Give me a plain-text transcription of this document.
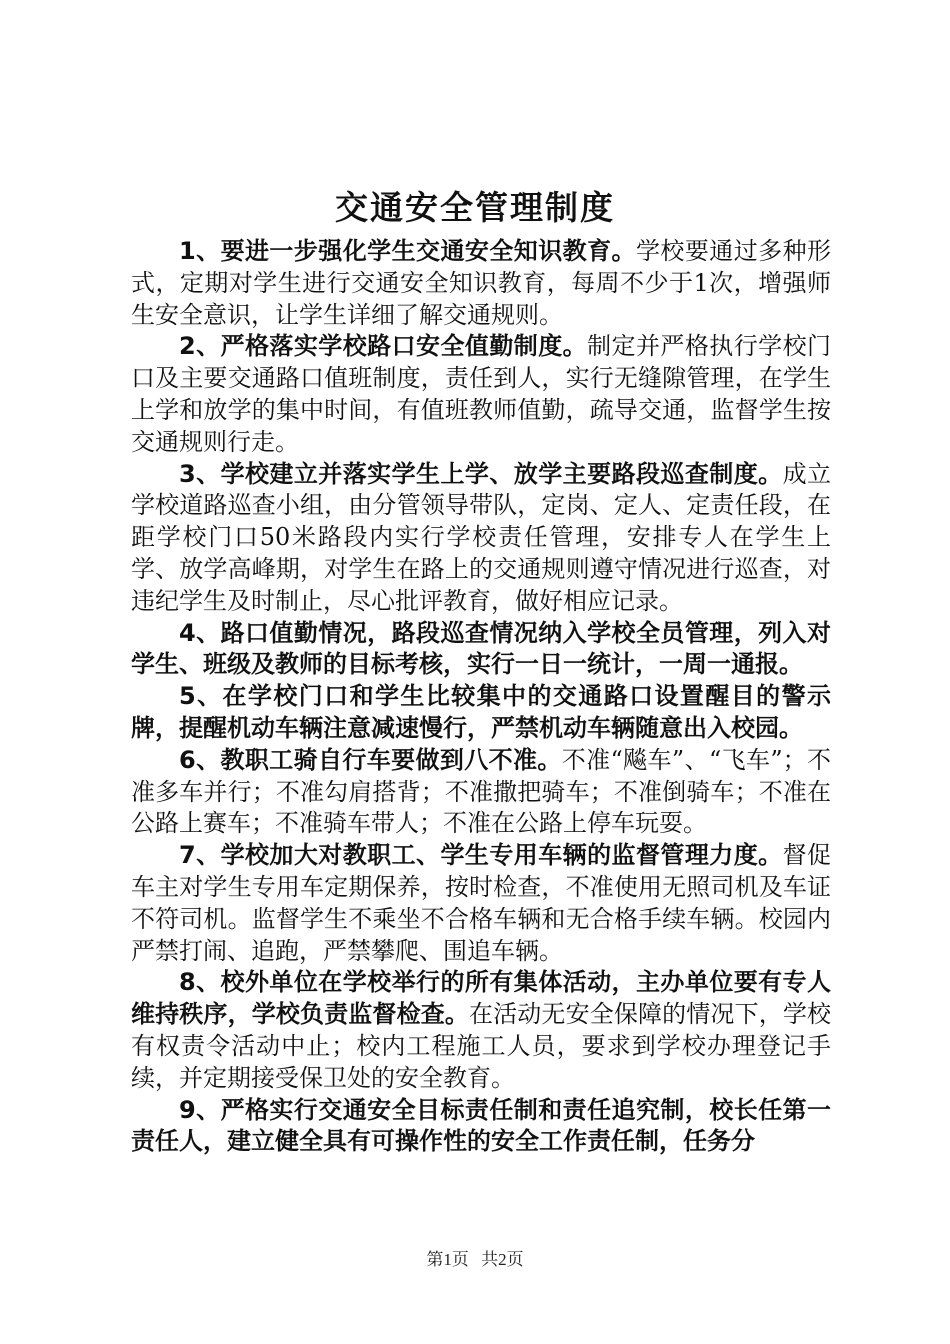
交通安全管理制度

1、要进一步强化学生交通安全知识教育。学校要通过多种形式，定期对学生进行交通安全知识教育，每周不少于1次，增强师生安全意识，让学生详细了解交通规则。

2、严格落实学校路口安全值勤制度。制定并严格执行学校门口及主要交通路口值班制度，责任到人，实行无缝隙管理，在学生上学和放学的集中时间，有值班教师值勤，疏导交通，监督学生按交通规则行走。

3、学校建立并落实学生上学、放学主要路段巡查制度。成立学校道路巡查小组，由分管领导带队，定岗、定人、定责任段，在距学校门口50米路段内实行学校责任管理，安排专人在学生上学、放学高峰期，对学生在路上的交通规则遵守情况进行巡查，对违纪学生及时制止，尽心批评教育，做好相应记录。

4、路口值勤情况，路段巡查情况纳入学校全员管理，列入对学生、班级及教师的目标考核，实行一日一统计，一周一通报。

5、在学校门口和学生比较集中的交通路口设置醒目的警示牌，提醒机动车辆注意减速慢行，严禁机动车辆随意出入校园。

6、教职工骑自行车要做到八不准。不准“飚车”、“飞车”；不准多车并行；不准勾肩搭背；不准撒把骑车；不准倒骑车；不准在公路上赛车；不准骑车带人；不准在公路上停车玩耍。

7、学校加大对教职工、学生专用车辆的监督管理力度。督促车主对学生专用车定期保养，按时检查，不准使用无照司机及车证不符司机。监督学生不乘坐不合格车辆和无合格手续车辆。校园内严禁打闹、追跑，严禁攀爬、围追车辆。

8、校外单位在学校举行的所有集体活动，主办单位要有专人维持秩序，学校负责监督检查。在活动无安全保障的情况下，学校有权责令活动中止；校内工程施工人员，要求到学校办理登记手续，并定期接受保卫处的安全教育。

9、严格实行交通安全目标责任制和责任追究制，校长任第一责任人，建立健全具有可操作性的安全工作责任制，任务分

第1页 共2页
